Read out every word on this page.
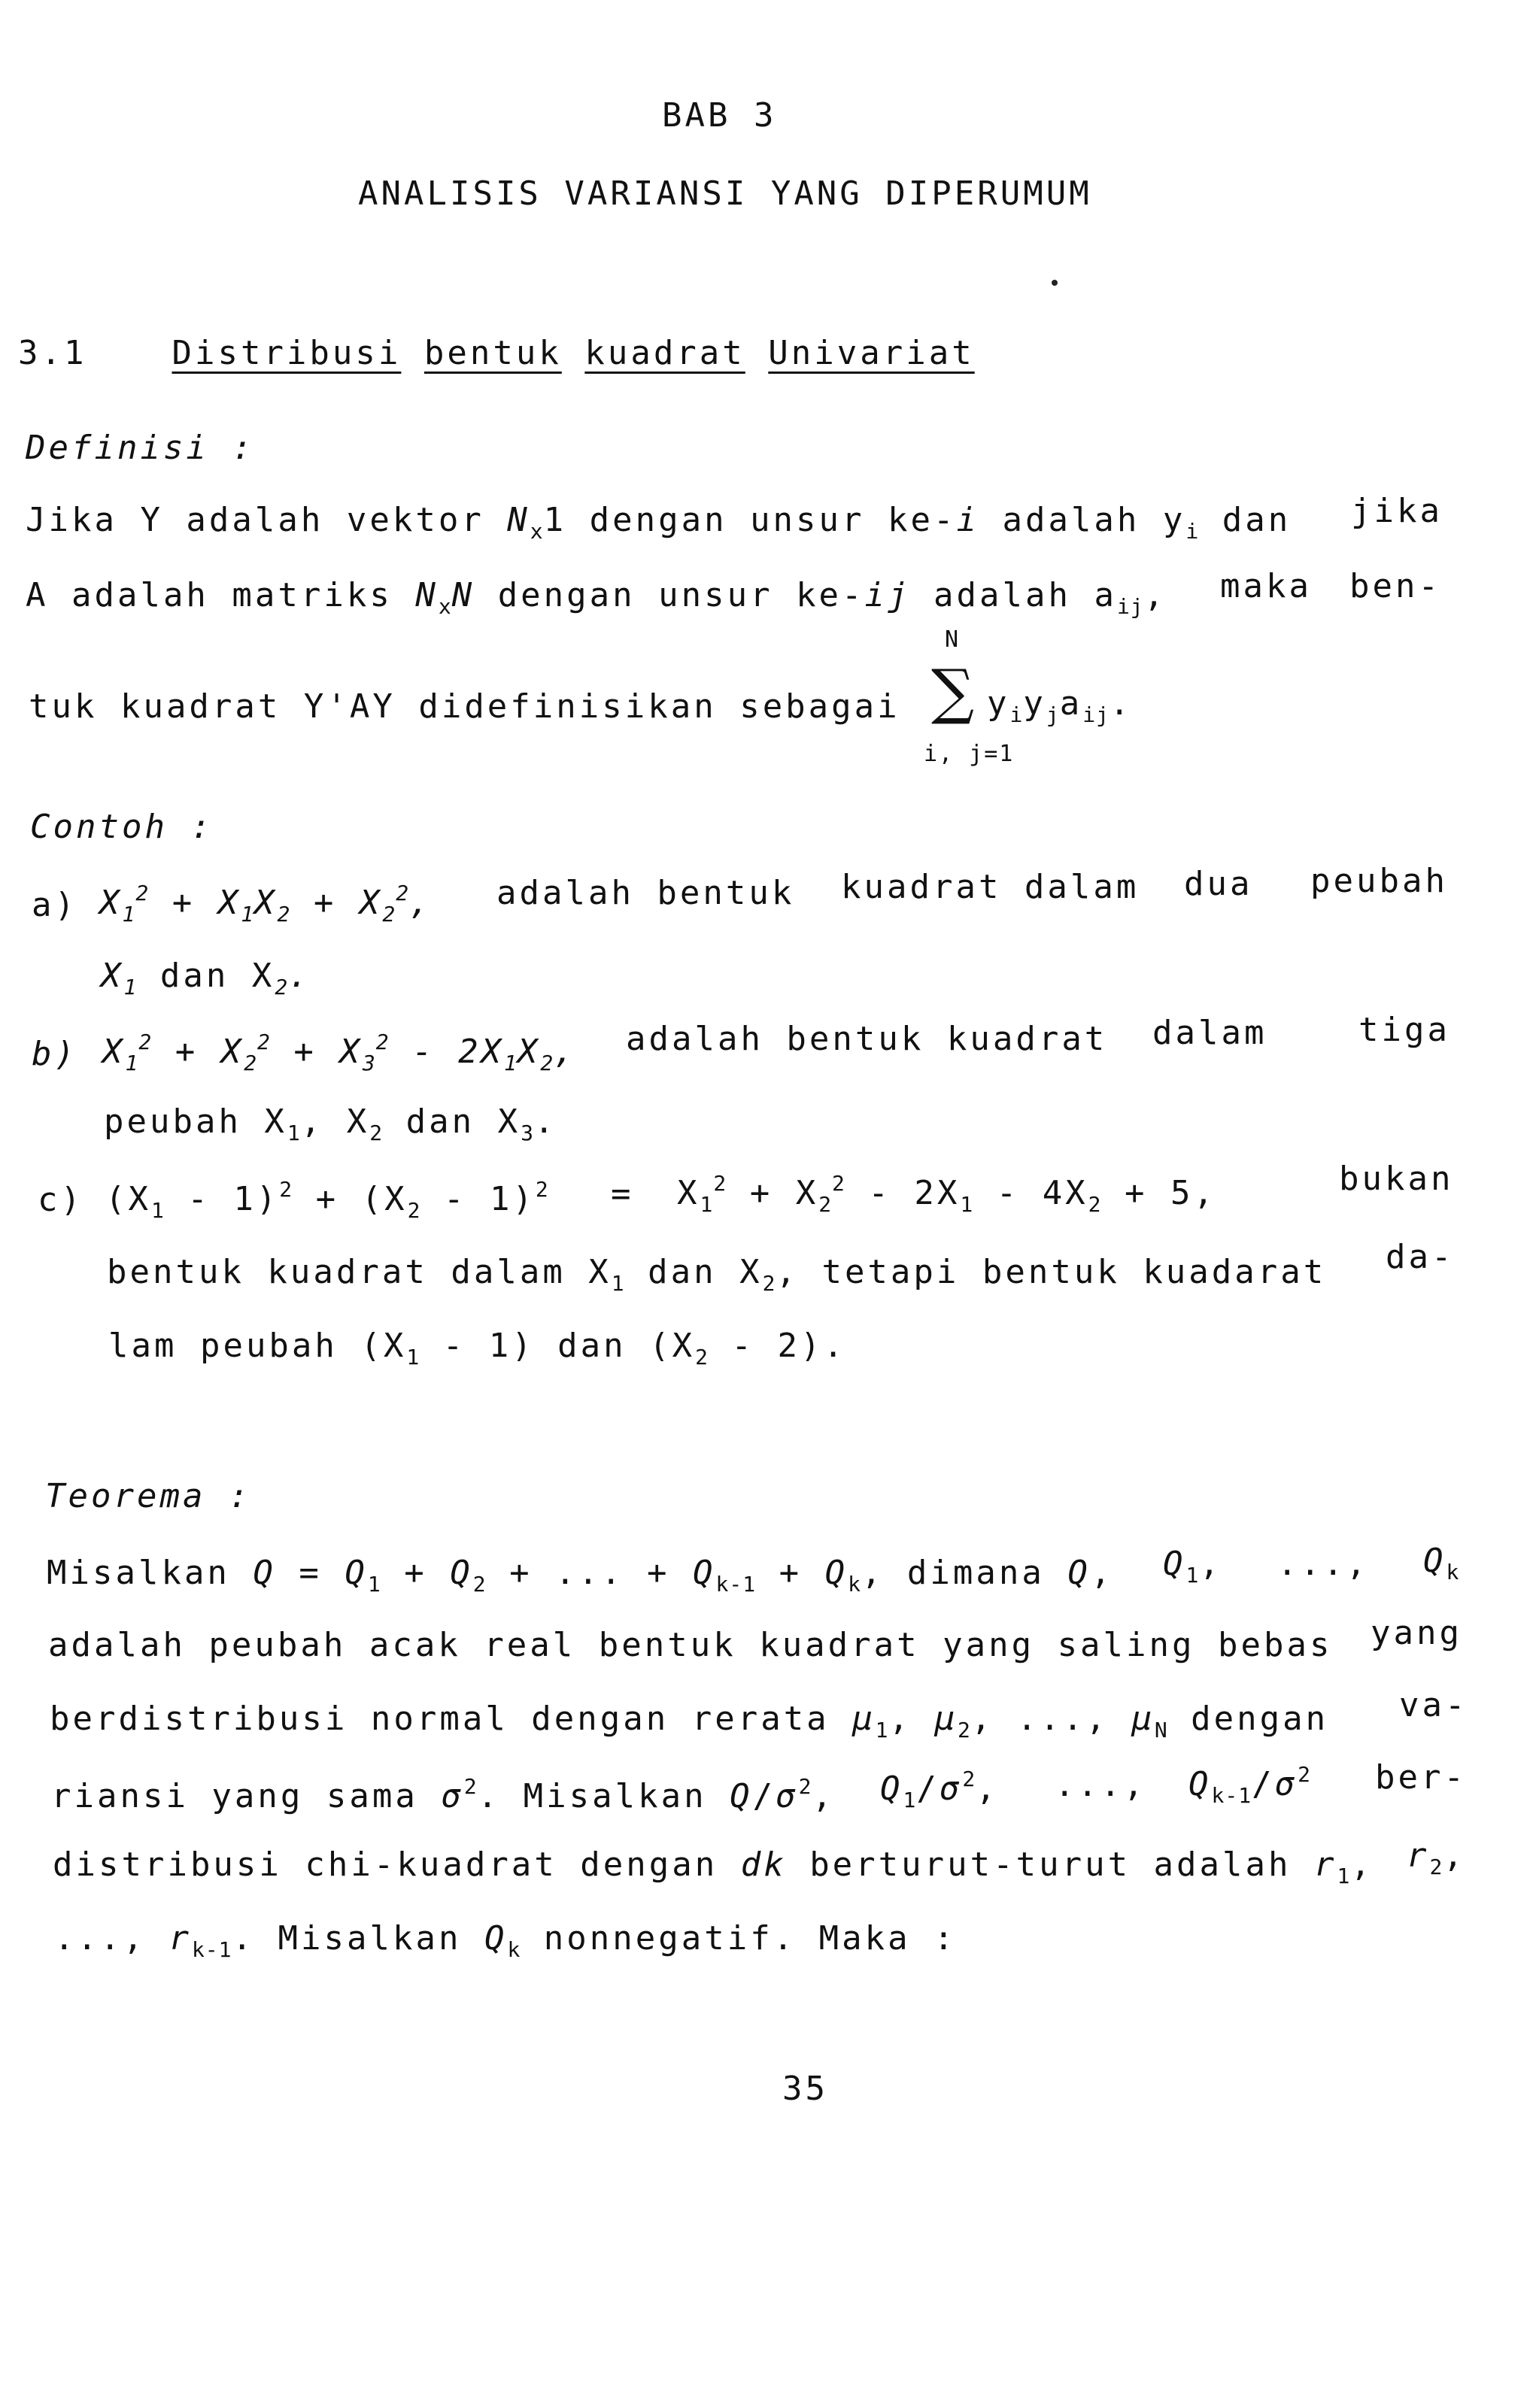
BAB 3
ANALISIS VARIANSI YANG DIPERUMUM
3.1	Distribusi bentuk kuadrat Univariat
Definisi :
Jika Y adalah vektor $N_x1$ dengan unsur ke-i adalah $y_i$ dan jika
A adalah matriks $N_xN$ dengan unsur ke-ij adalah $a_{ij}$, maka ben-
tuk kuadrat Y'AY didefinisikan sebagai
N
∑ $y_iy_ja_{ij}$.
i, j=1
Contoh :
a) $X_1^2 + X_1X_2 + X_2^2$, adalah bentuk kuadrat dalam dua peubah
$X_1$ dan $X_2$.
b) $X_1^2 + X_2^2 + X_3^2 - 2X_1X_2$, adalah bentuk kuadrat dalam	tiga
peubah $X_1$, $X_2$ dan $X_3$.
c) $(X_1 - 1)^2 + (X_2 - 1)^2 = X_1^2 + X_2^2 - 2X_1 - 4X_2 + 5$,	bukan
bentuk kuadrat dalam $X_1$ dan $X_2$, tetapi bentuk kuadarat da-
lam peubah $(X_1 - 1)$ dan $(X_2 - 2)$.
Teorema :
Misalkan $Q = Q_1 + Q_2$ + ... + $Q_{k-1} + Q_k$, dimana Q, $Q_1$, ..., $Q_k$
adalah peubah acak real bentuk kuadrat yang saling bebas yang
berdistribusi normal dengan rerata $\mu_1$, $\mu_2$, ..., $\mu_N$ dengan va-
riansi yang sama $\sigma^2$. Misalkan $Q/\sigma^2$, $Q_1/\sigma^2$, ..., $Q_{k-1}/\sigma^2$ ber-
distribusi chi-kuadrat dengan dk berturut-turut adalah $r_1$, $r_2$,
..., $r_{k-1}$. Misalkan $Q_k$ nonnegatif. Maka :
35
